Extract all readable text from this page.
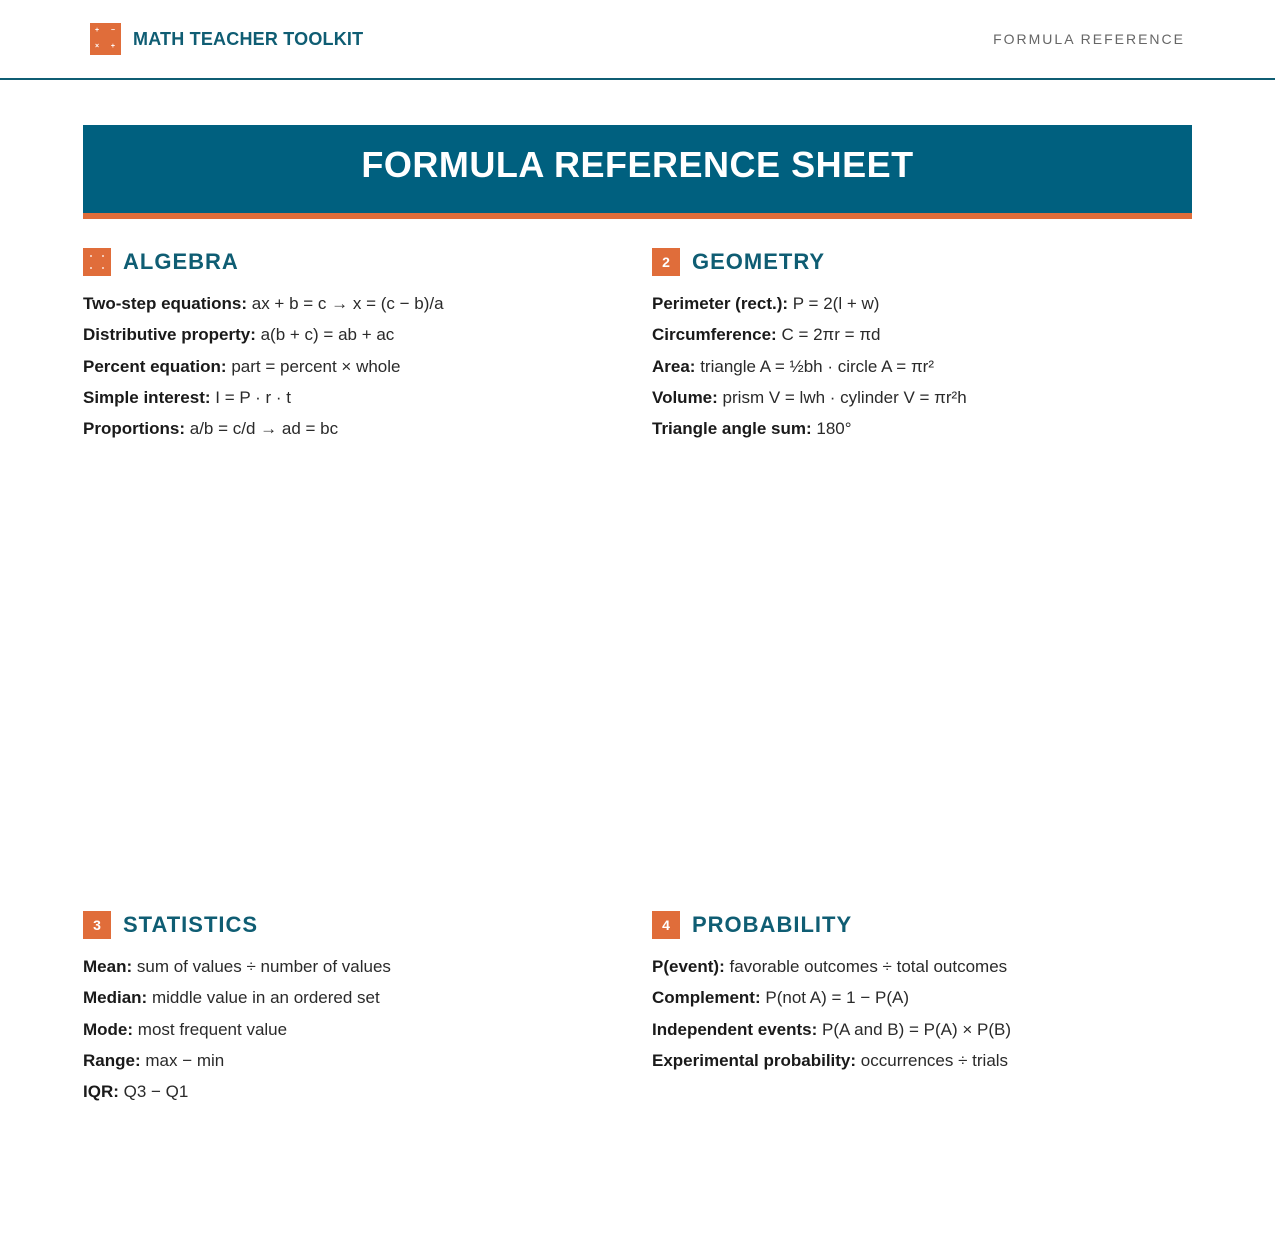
+ −
× + MATH TEACHER TOOLKIT	FORMULA REFERENCE
FORMULA REFERENCE SHEET
ALGEBRA
Two-step equations: ax + b = c → x = (c − b)/a
Distributive property: a(b + c) = ab + ac
Percent equation: part = percent × whole
Simple interest: I = P · r · t
Proportions: a/b = c/d → ad = bc
2	GEOMETRY
Perimeter (rect.): P = 2(l + w)
Circumference: C = 2πr = πd
Area: triangle A = ½bh · circle A = πr²
Volume: prism V = lwh · cylinder V = πr²h
Triangle angle sum: 180°
3	STATISTICS
Mean: sum of values ÷ number of values
Median: middle value in an ordered set
Mode: most frequent value
Range: max − min
IQR: Q3 − Q1
4	PROBABILITY
P(event): favorable outcomes ÷ total outcomes
Complement: P(not A) = 1 − P(A)
Independent events: P(A and B) = P(A) × P(B)
Experimental probability: occurrences ÷ trials
